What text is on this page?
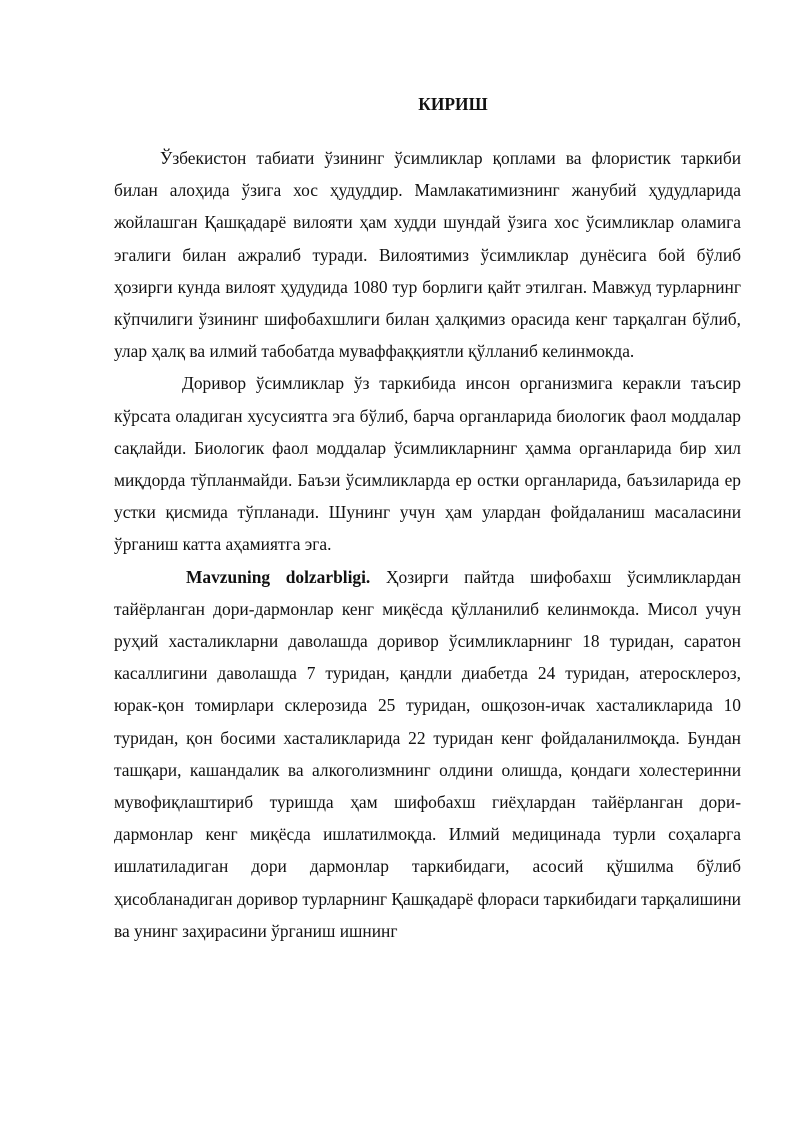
КИРИШ

Ўзбекистон табиати ўзининг ўсимликлар қоплами ва флористик таркиби билан алоҳида ўзига хос ҳудуддир. Мамлакатимизнинг жанубий ҳудудларида жойлашган Қашқадарё вилояти ҳам худди шундай ўзига хос ўсимликлар оламига эгалиги билан ажралиб туради. Вилоятимиз ўсимликлар дунёсига бой бўлиб ҳозирги кунда вилоят ҳудудида 1080 тур борлиги қайт этилган. Мавжуд турларнинг кўпчилиги ўзининг шифобахшлиги билан ҳалқимиз орасида кенг тарқалган бўлиб, улар ҳалқ ва илмий табобатда муваффаққиятли қўлланиб келинмокда.

Доривор ўсимликлар ўз таркибида инсон организмига керакли таъсир кўрсата оладиган хусусиятга эга бўлиб, барча органларида биологик фаол моддалар сақлайди. Биологик фаол моддалар ўсимликларнинг ҳамма органларида бир хил миқдорда тўпланмайди. Баъзи ўсимликларда ер остки органларида, баъзиларида ер устки қисмида тўпланади. Шунинг учун ҳам улардан фойдаланиш масаласини ўрганиш катта аҳамиятга эга.

Mavzuning dolzarbligi. Ҳозирги пайтда шифобахш ўсимликлардан тайёрланган дори-дармонлар кенг миқёсда қўлланилиб келинмокда. Мисол учун руҳий хасталикларни даволашда доривор ўсимликларнинг 18 туридан, саратон касаллигини даволашда 7 туридан, қандли диабетда 24 туридан, атеросклероз, юрак-қон томирлари склерозида 25 туридан, ошқозон-ичак хасталикларида 10 туридан, қон босими хасталикларида 22 туридан кенг фойдаланилмоқда. Бундан ташқари, кашандалик ва алкоголизмнинг олдини олишда, қондаги холестеринни мувофиқлаштириб туришда ҳам шифобахш гиёҳлардан тайёрланган дори-дармонлар кенг миқёсда ишлатилмоқда. Илмий медицинада турли соҳаларга ишлатиладиган дори дармонлар таркибидаги, асосий қўшилма бўлиб ҳисобланадиган доривор турларнинг Қашқадарё флораси таркибидаги тарқалишини ва унинг заҳирасини ўрганиш ишнинг
